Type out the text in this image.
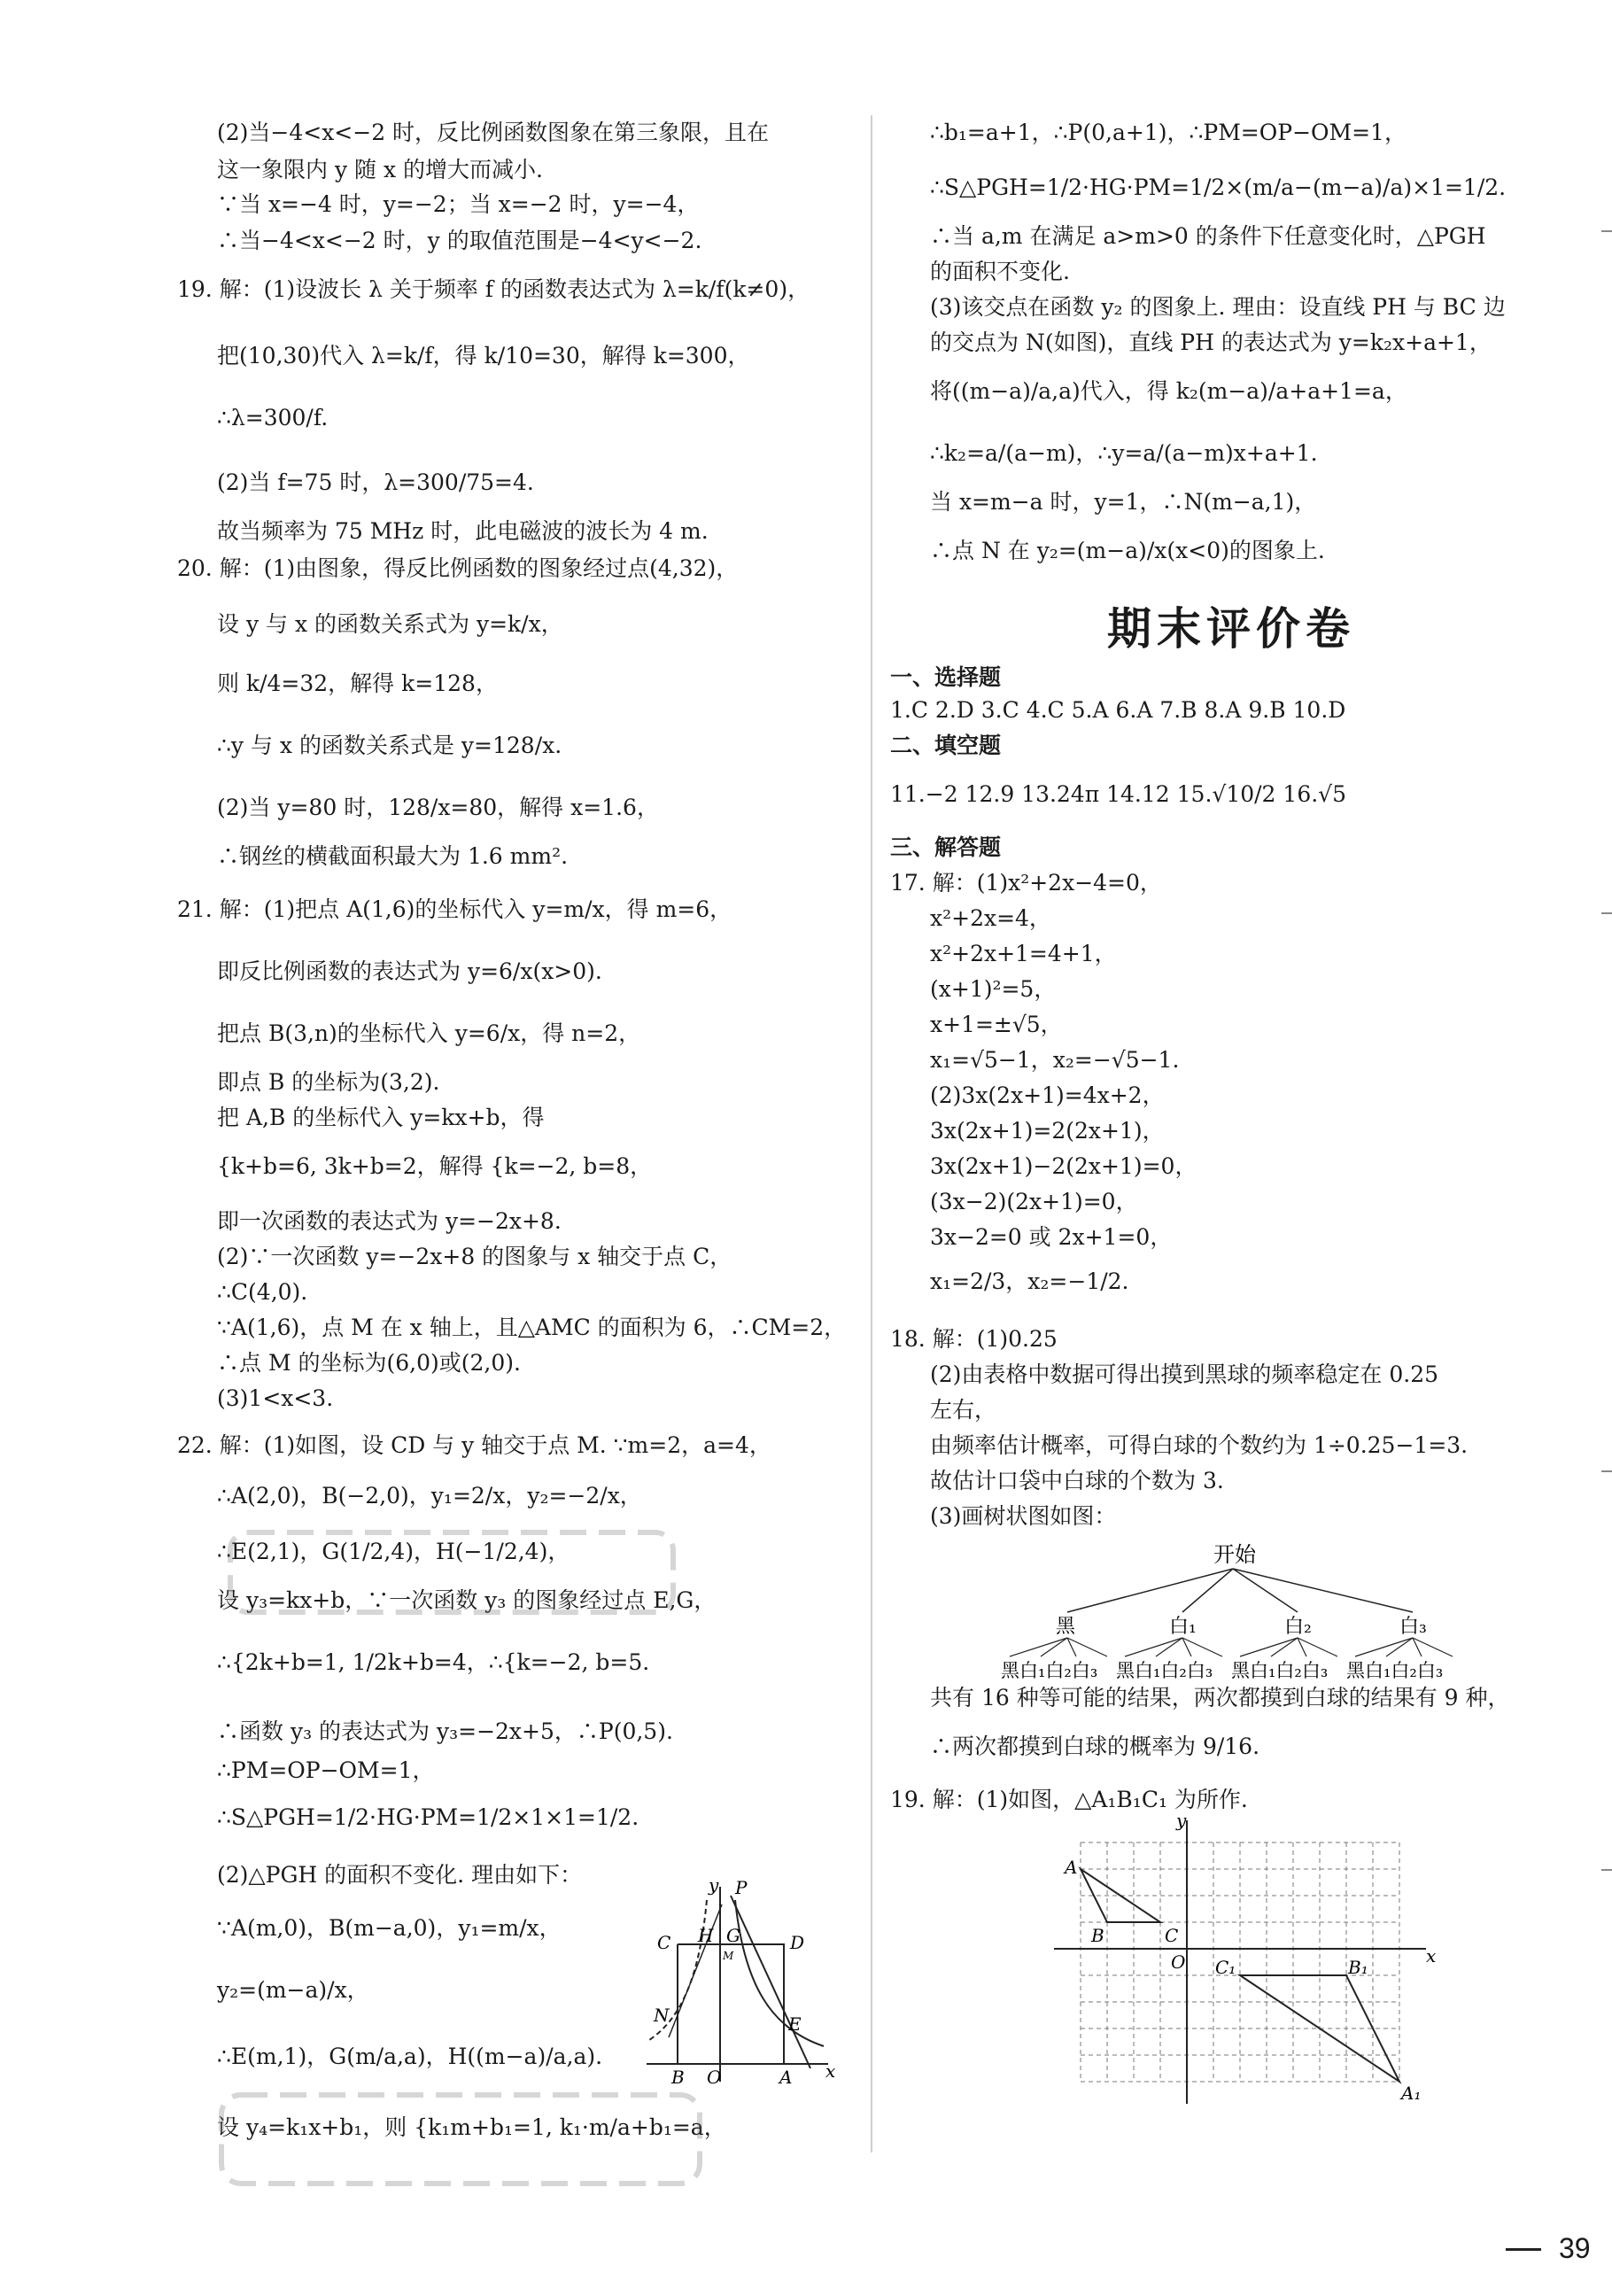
(2)当−4<x<−2 时，反比例函数图象在第三象限，且在
这一象限内 y 随 x 的增大而减小.
∵当 x=−4 时，y=−2；当 x=−2 时，y=−4，
∴当−4<x<−2 时，y 的取值范围是−4<y<−2.
19. 解：(1)设波长 λ 关于频率 f 的函数表达式为 λ=k/f(k≠0)，
把(10,30)代入 λ=k/f，得 k/10=30，解得 k=300，
∴λ=300/f.
(2)当 f=75 时，λ=300/75=4.
故当频率为 75 MHz 时，此电磁波的波长为 4 m.
20. 解：(1)由图象，得反比例函数的图象经过点(4,32)，
设 y 与 x 的函数关系式为 y=k/x，
则 k/4=32，解得 k=128，
∴y 与 x 的函数关系式是 y=128/x.
(2)当 y=80 时，128/x=80，解得 x=1.6，
∴钢丝的横截面积最大为 1.6 mm².
21. 解：(1)把点 A(1,6)的坐标代入 y=m/x，得 m=6，
即反比例函数的表达式为 y=6/x(x>0).
把点 B(3,n)的坐标代入 y=6/x，得 n=2，
即点 B 的坐标为(3,2).
把 A,B 的坐标代入 y=kx+b，得
{k+b=6, 3k+b=2，解得 {k=−2, b=8，
即一次函数的表达式为 y=−2x+8.
(2)∵一次函数 y=−2x+8 的图象与 x 轴交于点 C，
∴C(4,0).
∵A(1,6)，点 M 在 x 轴上，且△AMC 的面积为 6，∴CM=2，
∴点 M 的坐标为(6,0)或(2,0).
(3)1<x<3.
22. 解：(1)如图，设 CD 与 y 轴交于点 M. ∵m=2，a=4，
∴A(2,0)，B(−2,0)，y₁=2/x，y₂=−2/x，
∴E(2,1)，G(1/2,4)，H(−1/2,4)，
设 y₃=kx+b，∵一次函数 y₃ 的图象经过点 E,G，
∴{2k+b=1, 1/2k+b=4，∴{k=−2, b=5.
∴函数 y₃ 的表达式为 y₃=−2x+5，∴P(0,5).
∴PM=OP−OM=1，
∴S△PGH=1/2·HG·PM=1/2×1×1=1/2.
(2)△PGH 的面积不变化. 理由如下：
∵A(m,0)，B(m−a,0)，y₁=m/x，
y₂=(m−a)/x，
∴E(m,1)，G(m/a,a)，H((m−a)/a,a).
设 y₄=k₁x+b₁，则 {k₁m+b₁=1, k₁·m/a+b₁=a，
y P
C H G	D
M
N	E
B O	A x
∴b₁=a+1，∴P(0,a+1)，∴PM=OP−OM=1，
∴S△PGH=1/2·HG·PM=1/2×(m/a−(m−a)/a)×1=1/2.
∴当 a,m 在满足 a>m>0 的条件下任意变化时，△PGH
的面积不变化.
(3)该交点在函数 y₂ 的图象上. 理由：设直线 PH 与 BC 边
的交点为 N(如图)，直线 PH 的表达式为 y=k₂x+a+1，
将((m−a)/a,a)代入，得 k₂(m−a)/a+a+1=a，
∴k₂=a/(a−m)，∴y=a/(a−m)x+a+1.
当 x=m−a 时，y=1，∴N(m−a,1)，
∴点 N 在 y₂=(m−a)/x(x<0)的图象上.
期末评价卷
一、选择题
1.C 2.D 3.C 4.C 5.A 6.A 7.B 8.A 9.B 10.D
二、填空题
11.−2 12.9 13.24π 14.12 15.√10/2 16.√5
三、解答题
17. 解：(1)x²+2x−4=0，
x²+2x=4，
x²+2x+1=4+1，
(x+1)²=5，
x+1=±√5，
x₁=√5−1，x₂=−√5−1.
(2)3x(2x+1)=4x+2，
3x(2x+1)=2(2x+1)，
3x(2x+1)−2(2x+1)=0，
(3x−2)(2x+1)=0，
3x−2=0 或 2x+1=0，
x₁=2/3，x₂=−1/2.
18. 解：(1)0.25
(2)由表格中数据可得出摸到黑球的频率稳定在 0.25
左右，
由频率估计概率，可得白球的个数约为 1÷0.25−1=3.
故估计口袋中白球的个数为 3.
(3)画树状图如图：
共有 16 种等可能的结果，两次都摸到白球的结果有 9 种，
∴两次都摸到白球的概率为 9/16.
19. 解：(1)如图，△A₁B₁C₁ 为所作.
开始
黑	白₁	白₂	白₃
黑白₁白₂白₃ 黑白₁白₂白₃ 黑白₁白₂白₃ 黑白₁白₂白₃
y
x
O
A
B	C
A₁
B₁
C₁
39
